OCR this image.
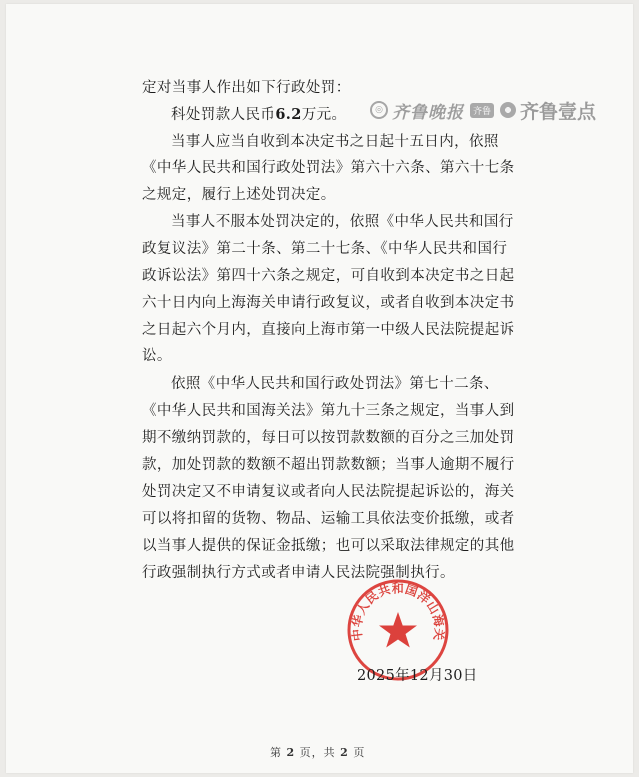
◎ 齐鲁晚报	齐鲁 齐鲁壹点
定对当事人作出如下行政处罚：
科处罚款人民币6.2万元。
当事人应当自收到本决定书之日起十五日内，依照
《中华人民共和国行政处罚法》第六十六条、第六十七条
之规定，履行上述处罚决定。
当事人不服本处罚决定的，依照《中华人民共和国行
政复议法》第二十条、第二十七条、《中华人民共和国行
政诉讼法》第四十六条之规定，可自收到本决定书之日起
六十日内向上海海关申请行政复议，或者自收到本决定书
之日起六个月内，直接向上海市第一中级人民法院提起诉
讼。
依照《中华人民共和国行政处罚法》第七十二条、
《中华人民共和国海关法》第九十三条之规定，当事人到
期不缴纳罚款的，每日可以按罚款数额的百分之三加处罚
款，加处罚款的数额不超出罚款数额；当事人逾期不履行
处罚决定又不申请复议或者向人民法院提起诉讼的，海关
可以将扣留的货物、物品、运输工具依法变价抵缴，或者
以当事人提供的保证金抵缴；也可以采取法律规定的其他
行政强制执行方式或者申请人民法院强制执行。
中华人民共和国洋山海关
2025年12月30日
第 2 页，共 2 页
